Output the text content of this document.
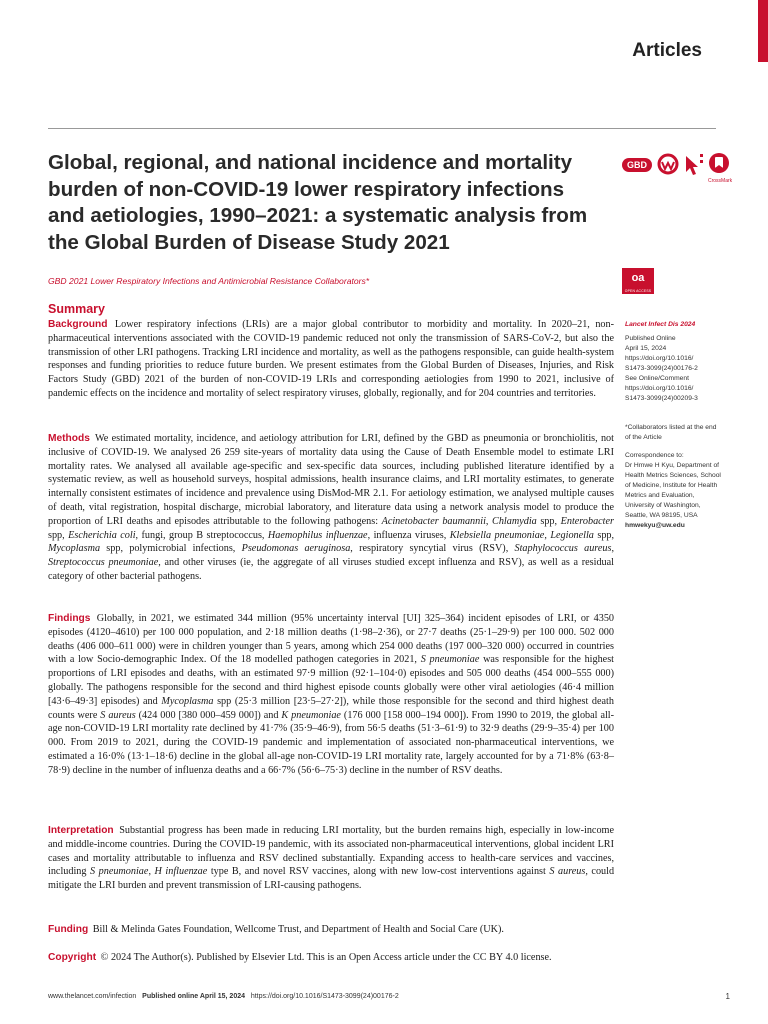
Articles
Global, regional, and national incidence and mortality burden of non-COVID-19 lower respiratory infections and aetiologies, 1990–2021: a systematic analysis from the Global Burden of Disease Study 2021
GBD 2021 Lower Respiratory Infections and Antimicrobial Resistance Collaborators*
GBD
CrossMark
oa
OPEN ACCESS
Summary

Background Lower respiratory infections (LRIs) are a major global contributor to morbidity and mortality. In 2020–21, non-pharmaceutical interventions associated with the COVID-19 pandemic reduced not only the transmission of SARS-CoV-2, but also the transmission of other LRI pathogens. Tracking LRI incidence and mortality, as well as the pathogens responsible, can guide health-system responses and funding priorities to reduce future burden. We present estimates from the Global Burden of Diseases, Injuries, and Risk Factors Study (GBD) 2021 of the burden of non-COVID-19 LRIs and corresponding aetiologies from 1990 to 2021, inclusive of pandemic effects on the incidence and mortality of select respiratory viruses, globally, regionally, and for 204 countries and territories.

Methods We estimated mortality, incidence, and aetiology attribution for LRI, defined by the GBD as pneumonia or bronchiolitis, not inclusive of COVID-19. We analysed 26 259 site-years of mortality data using the Cause of Death Ensemble model to estimate LRI mortality rates. We analysed all available age-specific and sex-specific data sources, including published literature identified by a systematic review, as well as household surveys, hospital admissions, health insurance claims, and LRI mortality estimates, to generate internally consistent estimates of incidence and prevalence using DisMod-MR 2.1. For aetiology estimation, we analysed multiple causes of death, vital registration, hospital discharge, microbial laboratory, and literature data using a network analysis model to produce the proportion of LRI deaths and episodes attributable to the following pathogens: Acinetobacter baumannii, Chlamydia spp, Enterobacter spp, Escherichia coli, fungi, group B streptococcus, Haemophilus influenzae, influenza viruses, Klebsiella pneumoniae, Legionella spp, Mycoplasma spp, polymicrobial infections, Pseudomonas aeruginosa, respiratory syncytial virus (RSV), Staphylococcus aureus, Streptococcus pneumoniae, and other viruses (ie, the aggregate of all viruses studied except influenza and RSV), as well as a residual category of other bacterial pathogens.

Findings Globally, in 2021, we estimated 344 million (95% uncertainty interval [UI] 325–364) incident episodes of LRI, or 4350 episodes (4120–4610) per 100 000 population, and 2·18 million deaths (1·98–2·36), or 27·7 deaths (25·1–29·9) per 100 000. 502 000 deaths (406 000–611 000) were in children younger than 5 years, among which 254 000 deaths (197 000–320 000) occurred in countries with a low Socio-demographic Index. Of the 18 modelled pathogen categories in 2021, S pneumoniae was responsible for the highest proportions of LRI episodes and deaths, with an estimated 97·9 million (92·1–104·0) episodes and 505 000 deaths (454 000–555 000) globally. The pathogens responsible for the second and third highest episode counts globally were other viral aetiologies (46·4 million [43·6–49·3] episodes) and Mycoplasma spp (25·3 million [23·5–27·2]), while those responsible for the second and third highest death counts were S aureus (424 000 [380 000–459 000]) and K pneumoniae (176 000 [158 000–194 000]). From 1990 to 2019, the global all-age non-COVID-19 LRI mortality rate declined by 41·7% (35·9–46·9), from 56·5 deaths (51·3–61·9) to 32·9 deaths (29·9–35·4) per 100 000. From 2019 to 2021, during the COVID-19 pandemic and implementation of associated non-pharmaceutical interventions, we estimated a 16·0% (13·1–18·6) decline in the global all-age non-COVID-19 LRI mortality rate, largely accounted for by a 71·8% (63·8–78·9) decline in the number of influenza deaths and a 66·7% (56·6–75·3) decline in the number of RSV deaths.

Interpretation Substantial progress has been made in reducing LRI mortality, but the burden remains high, especially in low-income and middle-income countries. During the COVID-19 pandemic, with its associated non-pharmaceutical interventions, global incident LRI cases and mortality attributable to influenza and RSV declined substantially. Expanding access to health-care services and vaccines, including S pneumoniae, H influenzae type B, and novel RSV vaccines, along with new low-cost interventions against S aureus, could mitigate the LRI burden and prevent transmission of LRI-causing pathogens.

Funding Bill & Melinda Gates Foundation, Wellcome Trust, and Department of Health and Social Care (UK).

Copyright © 2024 The Author(s). Published by Elsevier Ltd. This is an Open Access article under the CC BY 4.0 license.

Lancet Infect Dis 2024
Published Online
April 15, 2024
https://doi.org/10.1016/
S1473-3099(24)00176-2
See Online/Comment
https://doi.org/10.1016/
S1473-3099(24)00209-3
*Collaborators listed at the end
of the Article
Correspondence to:
Dr Hmwe H Kyu, Department of
Health Metrics Sciences, School
of Medicine, Institute for Health
Metrics and Evaluation,
University of Washington,
Seattle, WA 98195, USA
hmwekyu@uw.edu
www.thelancet.com/infection Published online April 15, 2024 https://doi.org/10.1016/S1473-3099(24)00176-2	1
